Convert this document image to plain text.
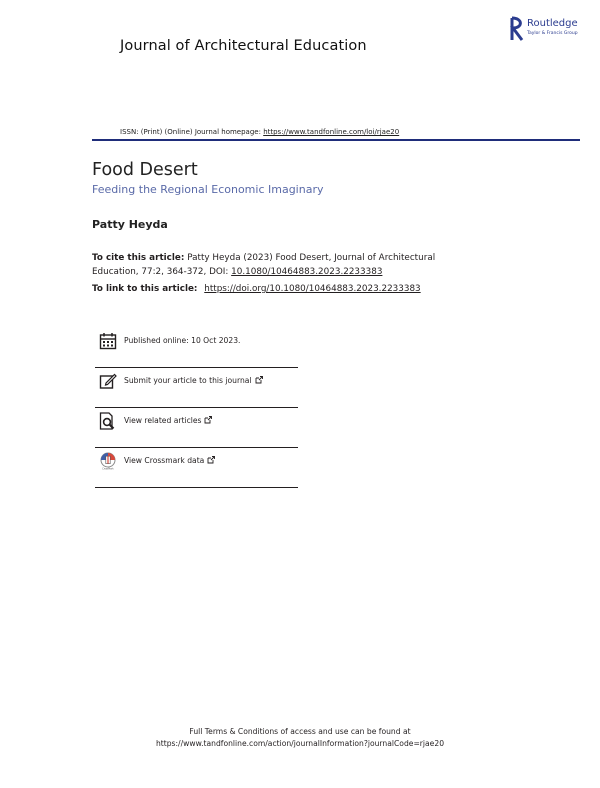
Journal of Architectural Education
Routledge
Taylor & Francis Group
ISSN: (Print) (Online) Journal homepage: https://www.tandfonline.com/loi/rjae20
Food Desert
Feeding the Regional Economic Imaginary
Patty Heyda
To cite this article: Patty Heyda (2023) Food Desert, Journal of Architectural Education, 77:2, 364-372, DOI: 10.1080/10464883.2023.2233383
To link to this article: https://doi.org/10.1080/10464883.2023.2233383
Published online: 10 Oct 2023.
Submit your article to this journal
View related articles
CrossMark
View Crossmark data
Full Terms & Conditions of access and use can be found at
https://www.tandfonline.com/action/journalInformation?journalCode=rjae20
